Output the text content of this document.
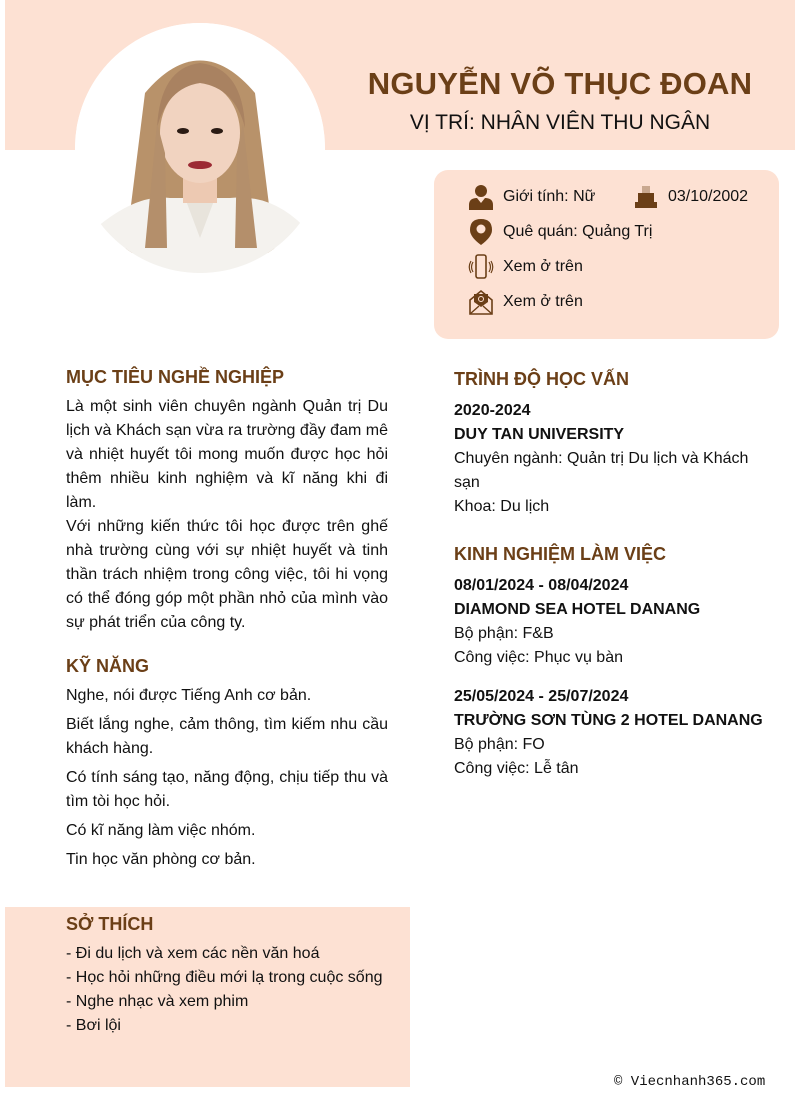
NGUYỄN VÕ THỤC ĐOAN
VỊ TRÍ: NHÂN VIÊN THU NGÂN
Giới tính: Nữ	03/10/2002
Quê quán: Quảng Trị
Xem ở trên
Xem ở trên
MỤC TIÊU NGHỀ NGHIỆP

Là một sinh viên chuyên ngành Quản trị Du lịch và Khách sạn vừa ra trường đầy đam mê và nhiệt huyết tôi mong muốn được học hỏi thêm nhiều kinh nghiệm và kĩ năng khi đi làm.

Với những kiến thức tôi học được trên ghế nhà trường cùng với sự nhiệt huyết và tinh thần trách nhiệm trong công việc, tôi hi vọng có thể đóng góp một phần nhỏ của mình vào sự phát triển của công ty.

KỸ NĂNG
Nghe, nói được Tiếng Anh cơ bản.
Biết lắng nghe, cảm thông, tìm kiếm nhu cầu khách hàng.
Có tính sáng tạo, năng động, chịu tiếp thu và tìm tòi học hỏi.
Có kĩ năng làm việc nhóm.
Tin học văn phòng cơ bản.
SỞ THÍCH
- Đi du lịch và xem các nền văn hoá
- Học hỏi những điều mới lạ trong cuộc sống
- Nghe nhạc và xem phim
- Bơi lội
TRÌNH ĐỘ HỌC VẤN
2020-2024
DUY TAN UNIVERSITY
Chuyên ngành: Quản trị Du lịch và Khách sạn
Khoa: Du lịch
KINH NGHIỆM LÀM VIỆC
08/01/2024 - 08/04/2024
DIAMOND SEA HOTEL DANANG
Bộ phận: F&B
Công việc: Phục vụ bàn
25/05/2024 - 25/07/2024
TRƯỜNG SƠN TÙNG 2 HOTEL DANANG
Bộ phận: FO
Công việc: Lễ tân
© Viecnhanh365.com
